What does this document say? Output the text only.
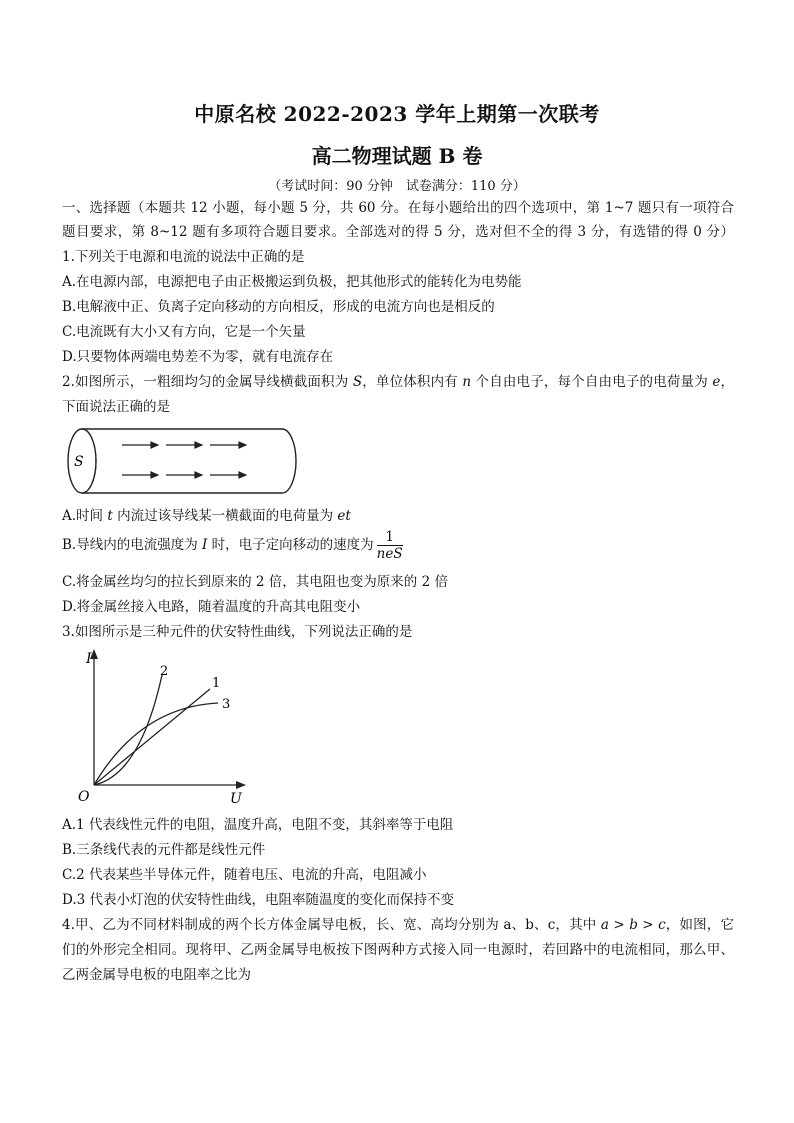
中原名校 2022-2023 学年上期第一次联考
高二物理试题 B 卷
（考试时间：90 分钟　试卷满分：110 分）
一、选择题（本题共 12 小题，每小题 5 分，共 60 分。在每小题给出的四个选项中，第 1~7 题只有一项符合
题目要求，第 8~12 题有多项符合题目要求。全部选对的得 5 分，选对但不全的得 3 分，有选错的得 0 分）
1.下列关于电源和电流的说法中正确的是
A.在电源内部，电源把电子由正极搬运到负极，把其他形式的能转化为电势能
B.电解液中正、负离子定向移动的方向相反，形成的电流方向也是相反的
C.电流既有大小又有方向，它是一个矢量
D.只要物体两端电势差不为零，就有电流存在
2.如图所示，一粗细均匀的金属导线横截面积为 S，单位体积内有 n 个自由电子，每个自由电子的电荷量为 e，
下面说法正确的是
S
A.时间 t 内流过该导线某一横截面的电荷量为 et
B.导线内的电流强度为 I 时，电子定向移动的速度为 $\frac{1}{\text{neS}}$
C.将金属丝均匀的拉长到原来的 2 倍，其电阻也变为原来的 2 倍
D.将金属丝接入电路，随着温度的升高其电阻变小
3.如图所示是三种元件的伏安特性曲线，下列说法正确的是
I
U
O
1
2
3
A.1 代表线性元件的电阻，温度升高，电阻不变，其斜率等于电阻
B.三条线代表的元件都是线性元件
C.2 代表某些半导体元件，随着电压、电流的升高，电阻减小
D.3 代表小灯泡的伏安特性曲线，电阻率随温度的变化而保持不变
4.甲、乙为不同材料制成的两个长方体金属导电板，长、宽、高均分别为 a、b、c，其中 a > b > c，如图，它
们的外形完全相同。现将甲、乙两金属导电板按下图两种方式接入同一电源时，若回路中的电流相同，那么甲、
乙两金属导电板的电阻率之比为
